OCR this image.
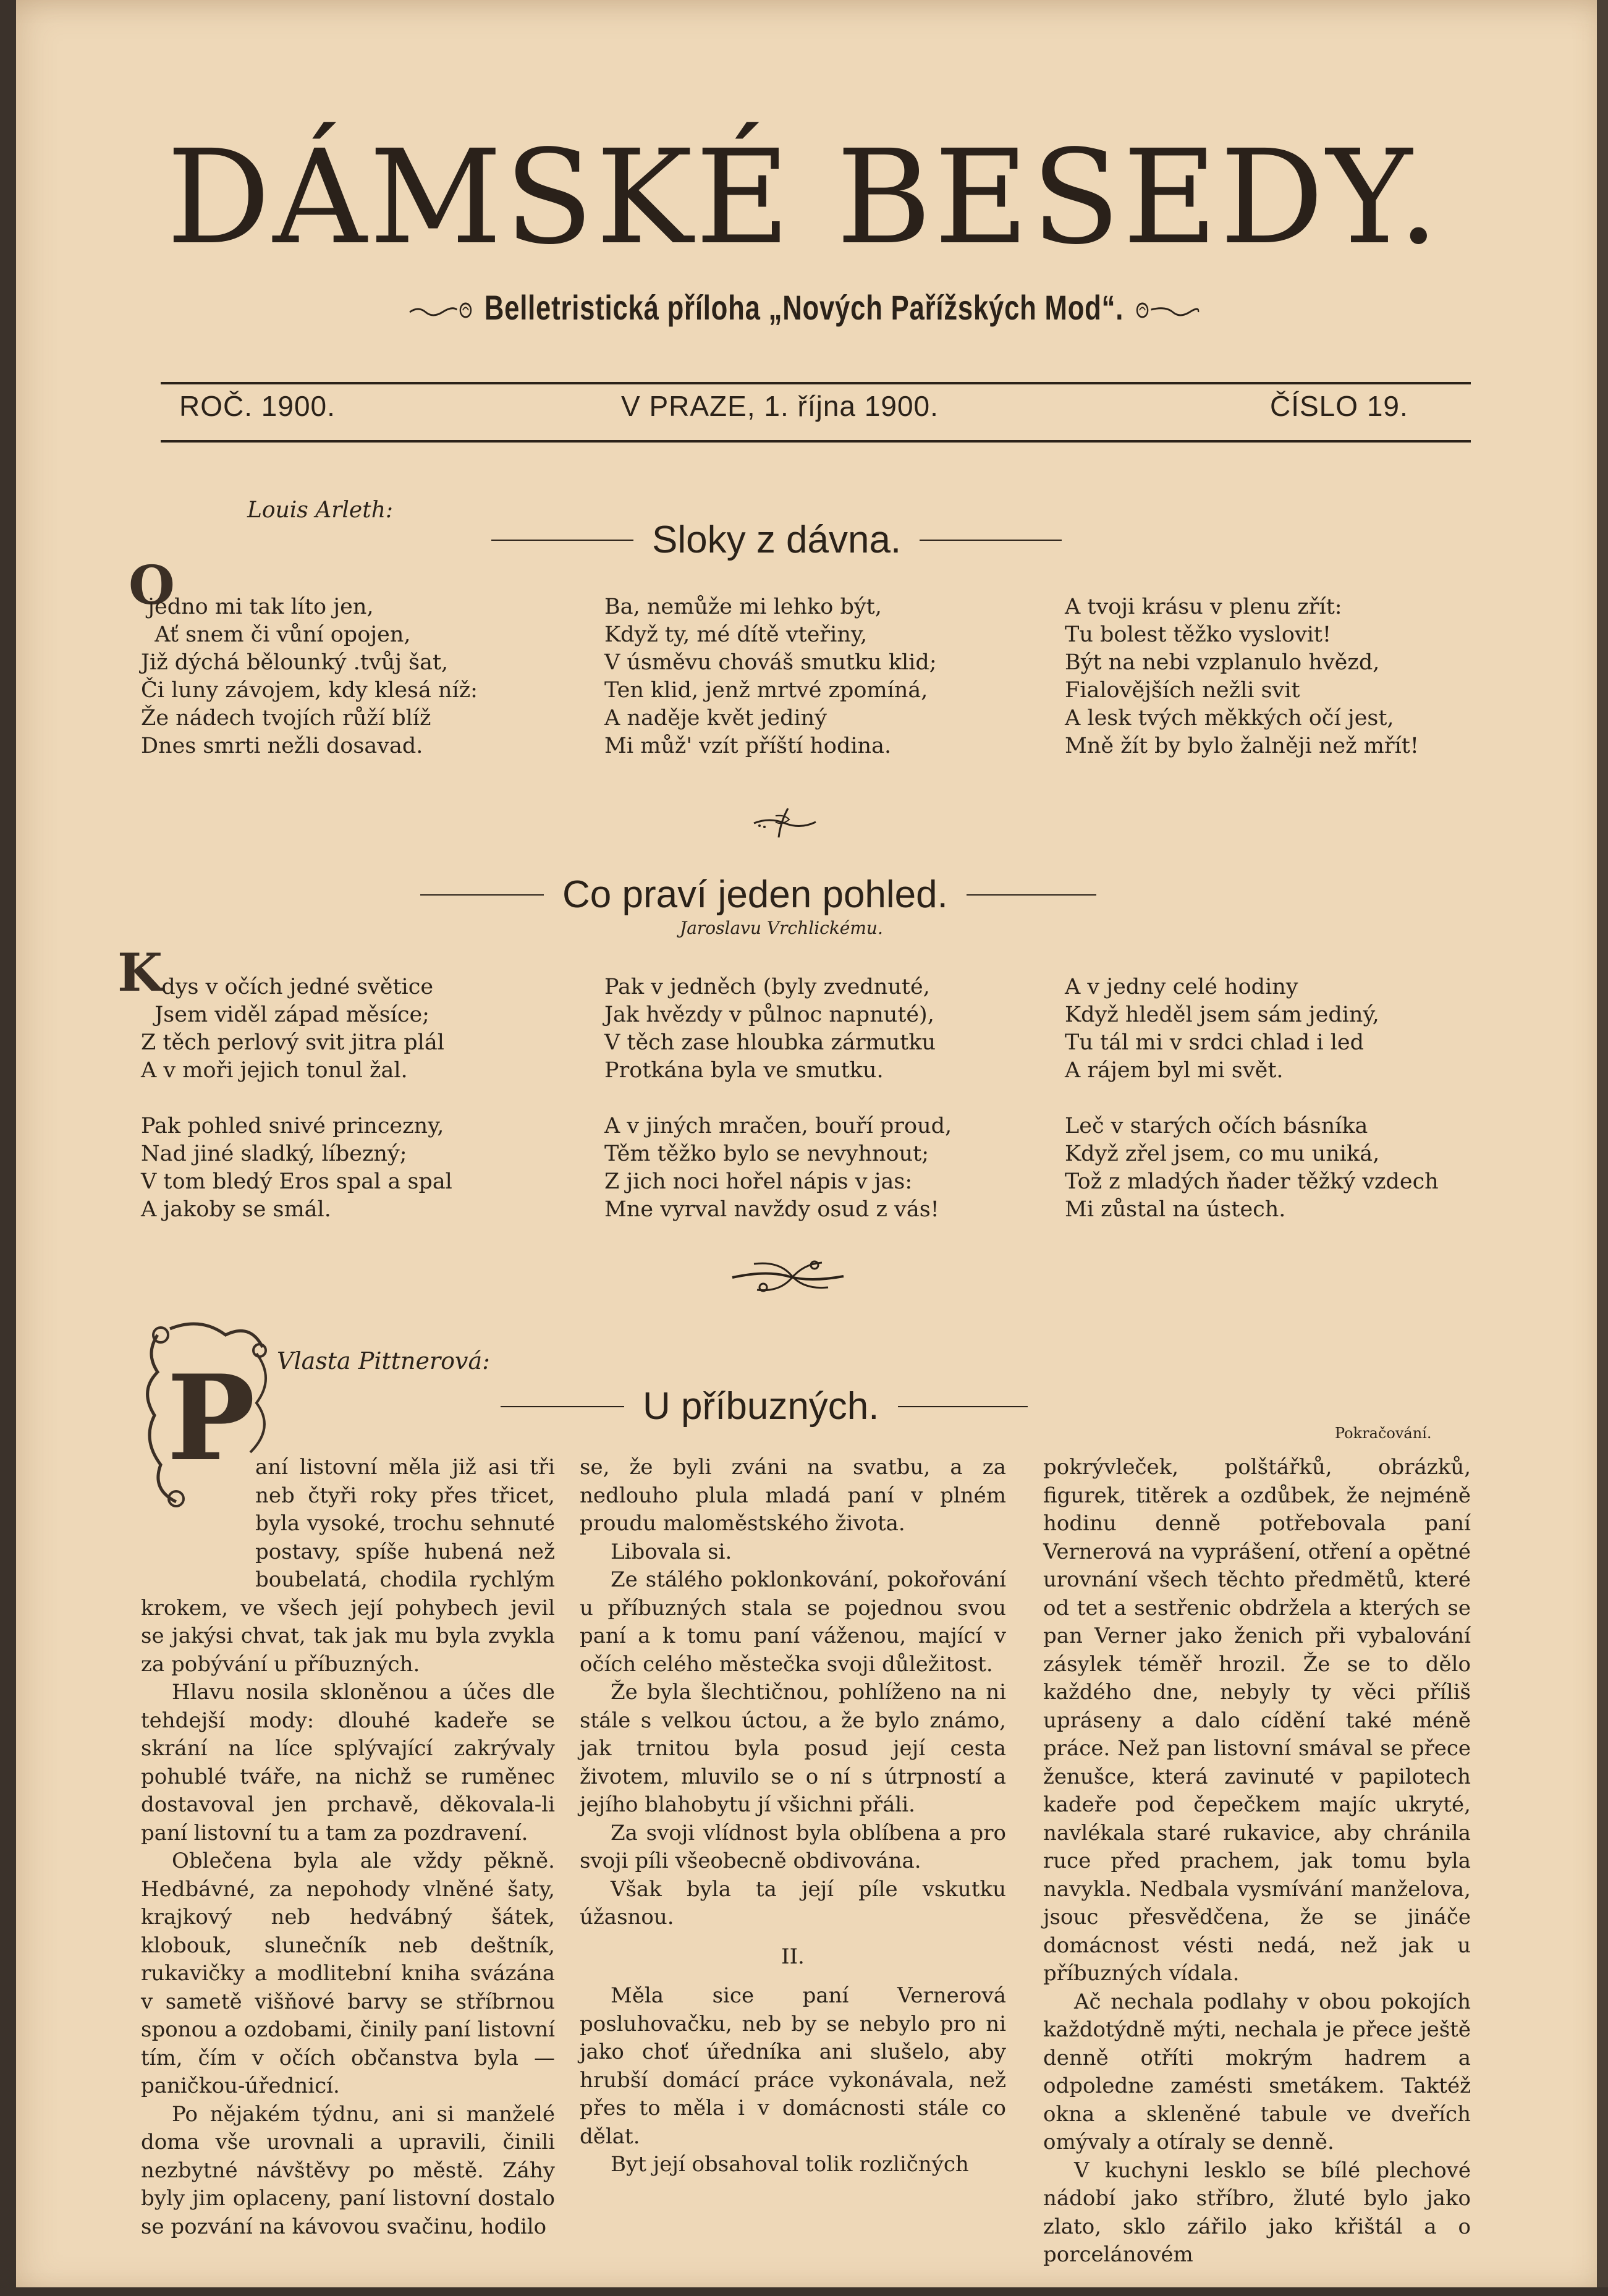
DÁMSKÉ BESEDY.
Belletristická příloha „Nových Pařížských Mod“.
ROČ. 1900.	V PRAZE, 1. října 1900.	ČÍSLO 19.
Louis Arleth:
Sloky z dávna.
O
jedno mi tak líto jen,
Ať snem či vůní opojen,
Již dýchá bělounký .tvůj šat,
Či luny závojem, kdy klesá níž:
Že nádech tvojích růží blíž
Dnes smrti nežli dosavad.
Ba, nemůže mi lehko být,
Když ty, mé dítě vteřiny,
V úsměvu chováš smutku klid;
Ten klid, jenž mrtvé zpomíná,
A naděje květ jediný
Mi můž' vzít příští hodina.
A tvoji krásu v plenu zřít:
Tu bolest těžko vyslovit!
Být na nebi vzplanulo hvězd,
Fialovějších nežli svit
A lesk tvých měkkých očí jest,
Mně žít by bylo žalněji než mřít!
Co praví jeden pohled.
Jaroslavu Vrchlickému.
K
dys v očích jedné světice
Jsem viděl západ měsíce;
Z těch perlový svit jitra plál
A v moři jejich tonul žal.

Pak pohled snivé princezny,
Nad jiné sladký, líbezný;
V tom bledý Eros spal a spal
A jakoby se smál.
Pak v jedněch (byly zvednuté,
Jak hvězdy v půlnoc napnuté),
V těch zase hloubka zármutku
Protkána byla ve smutku.

A v jiných mračen, bouří proud,
Těm těžko bylo se nevyhnout;
Z jich noci hořel nápis v jas:
Mne vyrval navždy osud z vás!
A v jedny celé hodiny
Když hleděl jsem sám jediný,
Tu tál mi v srdci chlad i led
A rájem byl mi svět.

Leč v starých očích básníka
Když zřel jsem, co mu uniká,
Tož z mladých ňader těžký vzdech
Mi zůstal na ústech.
P Vlasta Pittnerová:
U příbuzných.
Pokračování.

aní listovní měla již asi tři neb čtyři roky přes třicet, byla vysoké, trochu sehnuté postavy, spíše hubená než boubelatá, chodila rychlým krokem, ve všech její pohybech jevil se jakýsi chvat, tak jak mu byla zvykla za pobývání u příbuzných.

Hlavu nosila skloněnou a účes dle tehdejší mody: dlouhé kadeře se skrání na líce splývající zakrývaly pohublé tváře, na nichž se ruměnec dostavoval jen prchavě, děkovala-li paní listovní tu a tam za pozdravení.

Oblečena byla ale vždy pěkně. Hedbávné, za nepohody vlněné šaty, krajkový neb hedvábný šátek, klobouk, slunečník neb deštník, rukavičky a modlitební kniha svázána v sametě višňové barvy se stříbrnou sponou a ozdobami, činily paní listovní tím, čím v očích občanstva byla — paničkou-úřednicí.

Po nějakém týdnu, ani si manželé doma vše urovnali a upravili, činili nezbytné návštěvy po městě. Záhy byly jim oplaceny, paní listovní dostalo se pozvání na kávovou svačinu, hodilo

se, že byli zváni na svatbu, a za nedlouho plula mladá paní v plném proudu maloměstského života.

Libovala si.

Ze stálého poklonkování, pokořování u příbuzných stala se pojednou svou paní a k tomu paní váženou, mající v očích celého městečka svoji důležitost.

Že byla šlechtičnou, pohlíženo na ni stále s velkou úctou, a že bylo známo, jak trnitou byla posud její cesta životem, mluvilo se o ní s útrpností a jejího blahobytu jí všichni přáli.

Za svoji vlídnost byla oblíbena a pro svoji píli všeobecně obdivována.

Však byla ta její píle vskutku úžasnou.

II.

Měla sice paní Vernerová posluhovačku, neb by se nebylo pro ni jako choť úředníka ani slušelo, aby hrubší domácí práce vykonávala, než přes to měla i v domácnosti stále co dělat.

Byt její obsahoval tolik rozličných

pokrývleček, polštářků, obrázků, figurek, titěrek a ozdůbek, že nejméně hodinu denně potřebovala paní Vernerová na vyprášení, otření a opětné urovnání všech těchto předmětů, které od tet a sestřenic obdržela a kterých se pan Verner jako ženich při vybalování zásylek téměř hrozil. Že se to dělo každého dne, nebyly ty věci příliš upráseny a dalo cídění také méně práce. Než pan listovní smával se přece ženušce, která zavinuté v papilotech kadeře pod čepečkem majíc ukryté, navlékala staré rukavice, aby chránila ruce před prachem, jak tomu byla navykla. Nedbala vysmívání manželova, jsouc přesvědčena, že se jináče domácnost vésti nedá, než jak u příbuzných vídala.

Ač nechala podlahy v obou pokojích každotýdně mýti, nechala je přece ještě denně otříti mokrým hadrem a odpoledne zamésti smetákem. Taktéž okna a skleněné tabule ve dveřích omývaly a otíraly se denně.

V kuchyni lesklo se bílé plechové nádobí jako stříbro, žluté bylo jako zlato, sklo zářilo jako křištál a o porcelánovém
